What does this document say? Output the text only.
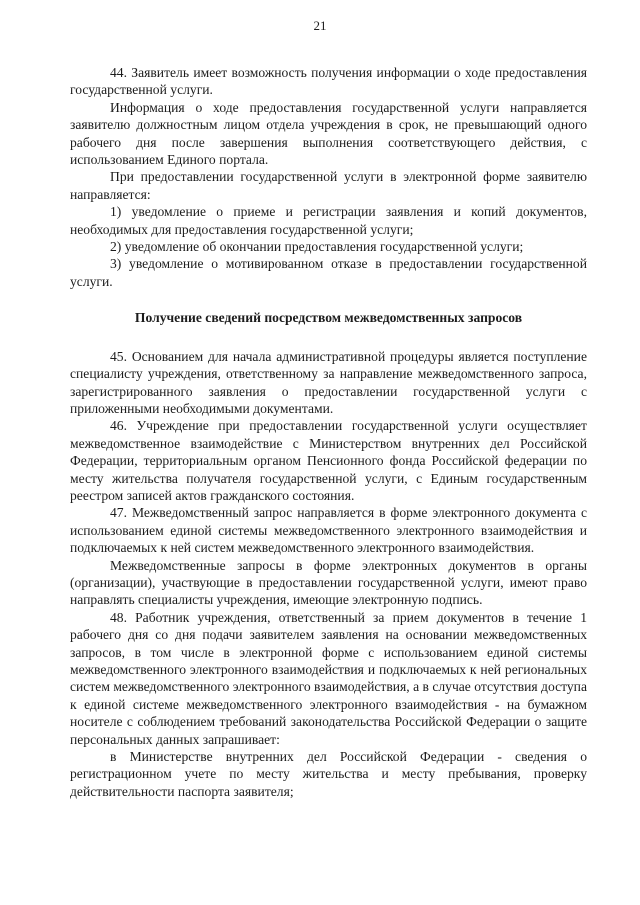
21

44. Заявитель имеет возможность получения информации о ходе предоставления государственной услуги.

Информация о ходе предоставления государственной услуги направляется заявителю должностным лицом отдела учреждения в срок, не превышающий одного рабочего дня после завершения выполнения соответствующего действия, с использованием Единого портала.

При предоставлении государственной услуги в электронной форме заявителю направляется:

1) уведомление о приеме и регистрации заявления и копий документов, необходимых для предоставления государственной услуги;

2) уведомление об окончании предоставления государственной услуги;

3) уведомление о мотивированном отказе в предоставлении государственной услуги.

Получение сведений посредством межведомственных запросов

45. Основанием для начала административной процедуры является поступление специалисту учреждения, ответственному за направление межведомственного запроса, зарегистрированного заявления о предоставлении государственной услуги с приложенными необходимыми документами.

46. Учреждение при предоставлении государственной услуги осуществляет межведомственное взаимодействие с Министерством внутренних дел Российской Федерации, территориальным органом Пенсионного фонда Российской федерации по месту жительства получателя государственной услуги, с Единым государственным реестром записей актов гражданского состояния.

47. Межведомственный запрос направляется в форме электронного документа с использованием единой системы межведомственного электронного взаимодействия и подключаемых к ней систем межведомственного электронного взаимодействия.

Межведомственные запросы в форме электронных документов в органы (организации), участвующие в предоставлении государственной услуги, имеют право направлять специалисты учреждения, имеющие электронную подпись.

48. Работник учреждения, ответственный за прием документов в течение 1 рабочего дня со дня подачи заявителем заявления на основании межведомственных запросов, в том числе в электронной форме с использованием единой системы межведомственного электронного взаимодействия и подключаемых к ней региональных систем межведомственного электронного взаимодействия, а в случае отсутствия доступа к единой системе межведомственного электронного взаимодействия - на бумажном носителе с соблюдением требований законодательства Российской Федерации о защите персональных данных запрашивает:

в Министерстве внутренних дел Российской Федерации - сведения о регистрационном учете по месту жительства и месту пребывания, проверку действительности паспорта заявителя;
